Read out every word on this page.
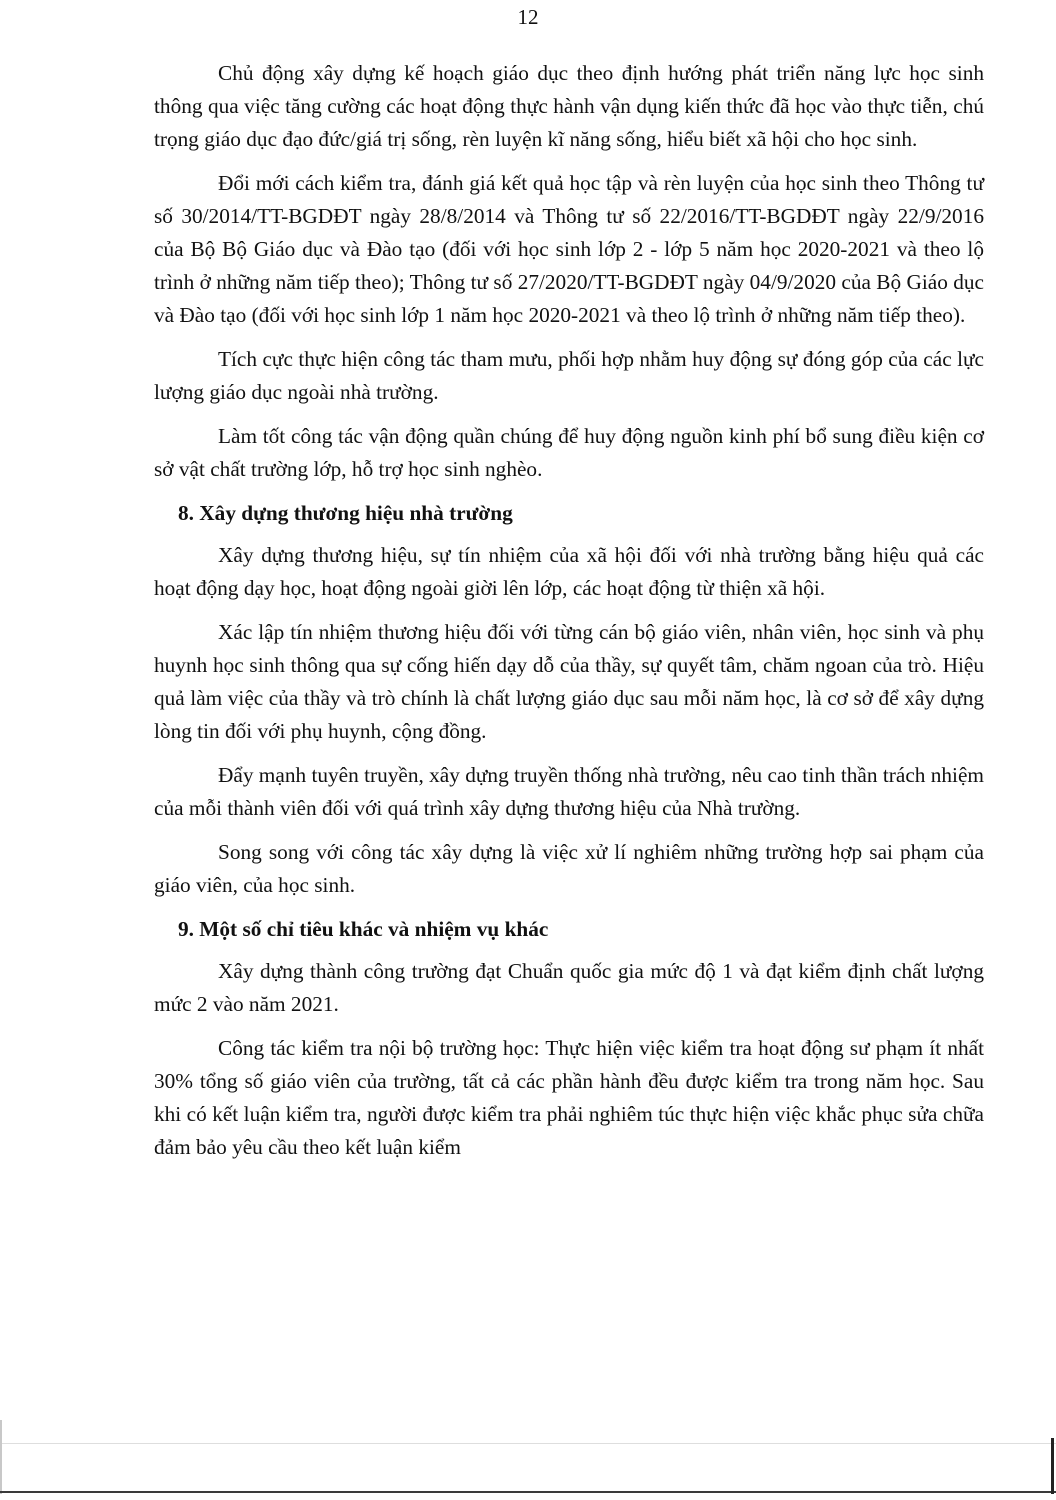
12

Chủ động xây dựng kế hoạch giáo dục theo định hướng phát triển năng lực học sinh thông qua việc tăng cường các hoạt động thực hành vận dụng kiến thức đã học vào thực tiễn, chú trọng giáo dục đạo đức/giá trị sống, rèn luyện kĩ năng sống, hiểu biết xã hội cho học sinh.

Đổi mới cách kiểm tra, đánh giá kết quả học tập và rèn luyện của học sinh theo Thông tư số 30/2014/TT-BGDĐT ngày 28/8/2014 và Thông tư số 22/2016/TT-BGDĐT ngày 22/9/2016 của Bộ Bộ Giáo dục và Đào tạo (đối với học sinh lớp 2 - lớp 5 năm học 2020-2021 và theo lộ trình ở những năm tiếp theo); Thông tư số 27/2020/TT-BGDĐT ngày 04/9/2020 của Bộ Giáo dục và Đào tạo (đối với học sinh lớp 1 năm học 2020-2021 và theo lộ trình ở những năm tiếp theo).

Tích cực thực hiện công tác tham mưu, phối hợp nhằm huy động sự đóng góp của các lực lượng giáo dục ngoài nhà trường.

Làm tốt công tác vận động quần chúng để huy động nguồn kinh phí bổ sung điều kiện cơ sở vật chất trường lớp, hỗ trợ học sinh nghèo.

8. Xây dựng thương hiệu nhà trường

Xây dựng thương hiệu, sự tín nhiệm của xã hội đối với nhà trường bằng hiệu quả các hoạt động dạy học, hoạt động ngoài giời lên lớp, các hoạt động từ thiện xã hội.

Xác lập tín nhiệm thương hiệu đối với từng cán bộ giáo viên, nhân viên, học sinh và phụ huynh học sinh thông qua sự cống hiến dạy dỗ của thầy, sự quyết tâm, chăm ngoan của trò. Hiệu quả làm việc của thầy và trò chính là chất lượng giáo dục sau mỗi năm học, là cơ sở để xây dựng lòng tin đối với phụ huynh, cộng đồng.

Đẩy mạnh tuyên truyền, xây dựng truyền thống nhà trường, nêu cao tinh thần trách nhiệm của mỗi thành viên đối với quá trình xây dựng thương hiệu của Nhà trường.

Song song với công tác xây dựng là việc xử lí nghiêm những trường hợp sai phạm của giáo viên, của học sinh.

9. Một số chỉ tiêu khác và nhiệm vụ khác

Xây dựng thành công trường đạt Chuẩn quốc gia mức độ 1 và đạt kiểm định chất lượng mức 2 vào năm 2021.

Công tác kiểm tra nội bộ trường học: Thực hiện việc kiểm tra hoạt động sư phạm ít nhất 30% tổng số giáo viên của trường, tất cả các phần hành đều được kiểm tra trong năm học. Sau khi có kết luận kiểm tra, người được kiểm tra phải nghiêm túc thực hiện việc khắc phục sửa chữa đảm bảo yêu cầu theo kết luận kiểm
